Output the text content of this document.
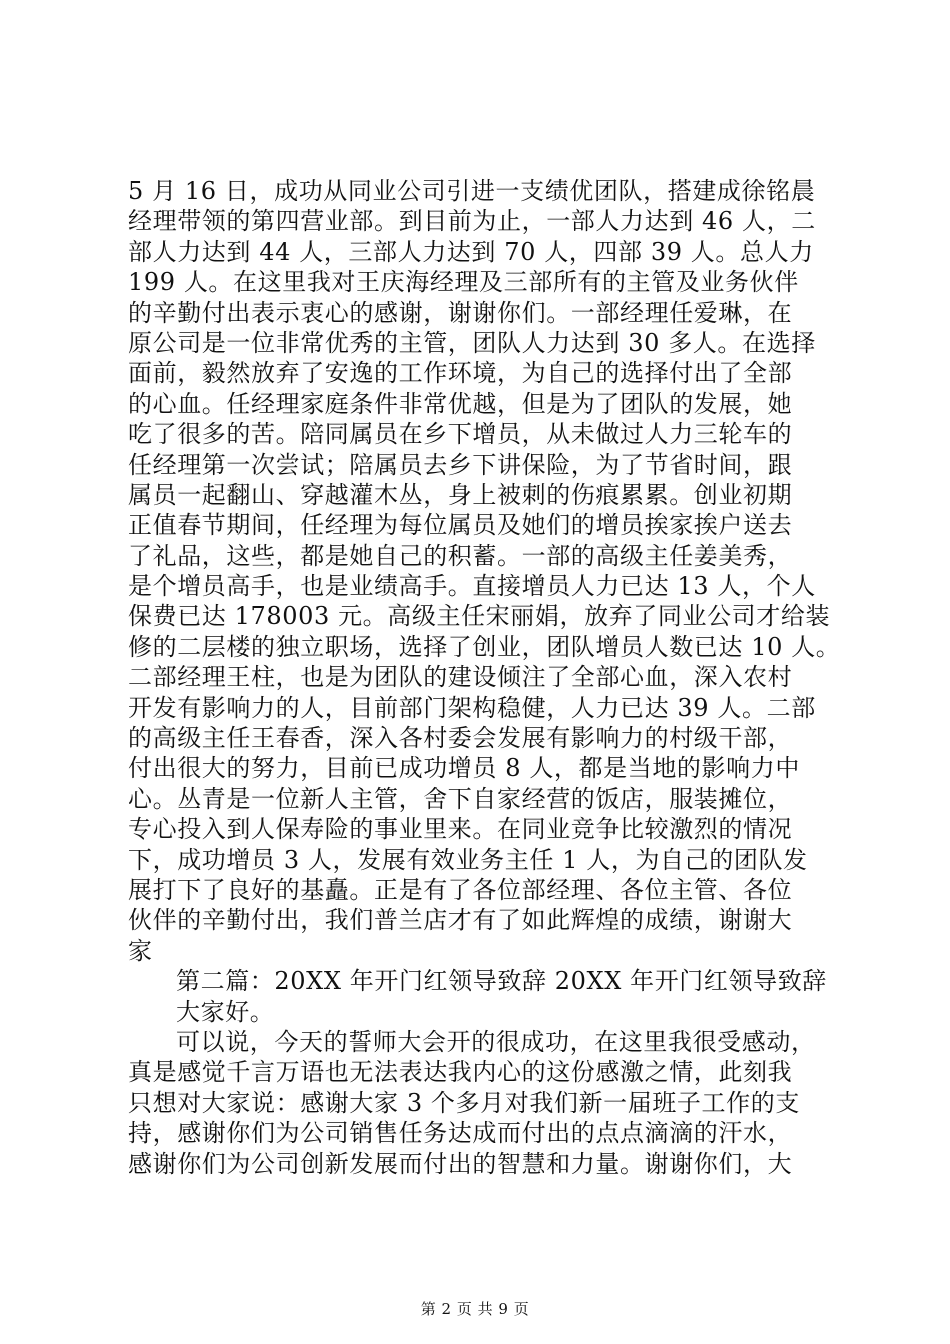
5 月 16 日，成功从同业公司引进一支绩优团队，搭建成徐铭晨
经理带领的第四营业部。到目前为止，一部人力达到 46 人，二
部人力达到 44 人，三部人力达到 70 人，四部 39 人。总人力
199 人。在这里我对王庆海经理及三部所有的主管及业务伙伴
的辛勤付出表示衷心的感谢，谢谢你们。一部经理任爱琳，在
原公司是一位非常优秀的主管，团队人力达到 30 多人。在选择
面前，毅然放弃了安逸的工作环境，为自己的选择付出了全部
的心血。任经理家庭条件非常优越，但是为了团队的发展，她
吃了很多的苦。陪同属员在乡下增员，从未做过人力三轮车的
任经理第一次尝试；陪属员去乡下讲保险，为了节省时间，跟
属员一起翻山、穿越灌木丛，身上被刺的伤痕累累。创业初期
正值春节期间，任经理为每位属员及她们的增员挨家挨户送去
了礼品，这些，都是她自己的积蓄。一部的高级主任姜美秀，
是个增员高手，也是业绩高手。直接增员人力已达 13 人，个人
保费已达 178003 元。高级主任宋丽娟，放弃了同业公司才给装
修的二层楼的独立职场，选择了创业，团队增员人数已达 10 人。
二部经理王柱，也是为团队的建设倾注了全部心血，深入农村
开发有影响力的人，目前部门架构稳健，人力已达 39 人。二部
的高级主任王春香，深入各村委会发展有影响力的村级干部，
付出很大的努力，目前已成功增员 8 人，都是当地的影响力中
心。丛青是一位新人主管，舍下自家经营的饭店，服装摊位，
专心投入到人保寿险的事业里来。在同业竞争比较激烈的情况
下，成功增员 3 人，发展有效业务主任 1 人，为自己的团队发
展打下了良好的基矗。正是有了各位部经理、各位主管、各位
伙伴的辛勤付出，我们普兰店才有了如此辉煌的成绩，谢谢大
家
第二篇：20XX 年开门红领导致辞 20XX 年开门红领导致辞
大家好。
可以说，今天的誓师大会开的很成功，在这里我很受感动，
真是感觉千言万语也无法表达我内心的这份感激之情，此刻我
只想对大家说：感谢大家 3 个多月对我们新一届班子工作的支
持，感谢你们为公司销售任务达成而付出的点点滴滴的汗水，
感谢你们为公司创新发展而付出的智慧和力量。谢谢你们，大
第 2 页 共 9 页
